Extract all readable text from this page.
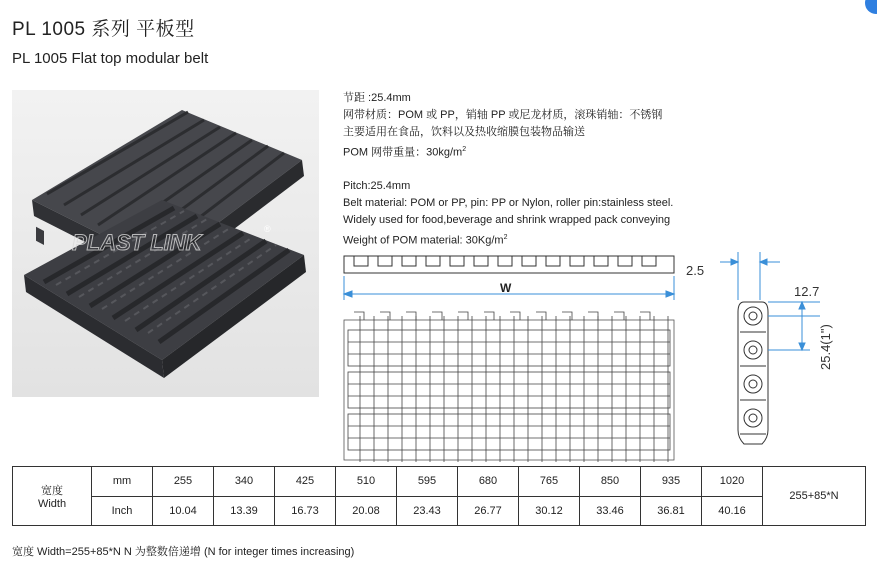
PL 1005 系列 平板型
PL 1005 Flat top modular belt
PLAST LINK
®
节距 :25.4mm
网带材质：POM 或 PP，销轴 PP 或尼龙材质，滚珠销轴：不锈钢
主要适用在食品，饮料以及热收缩膜包装物品输送
POM 网带重量：$30kg/m^2$
Pitch:25.4mm
Belt material: POM or PP, pin: PP or Nylon, roller pin:stainless steel.
Widely used for food,beverage and shrink wrapped pack conveying
Weight of POM material: $30Kg/m^2$
W
2.5
12.7
25.4(1")
宽度
Width	mm	255	340	425	510	595	680	765	850	935	1020	255+85*N
	Inch	10.04	13.39	16.73	20.08	23.43	26.77	30.12	33.46	36.81	40.16	
宽度 Width=255+85*N N 为整数倍递增 (N for integer times increasing)
